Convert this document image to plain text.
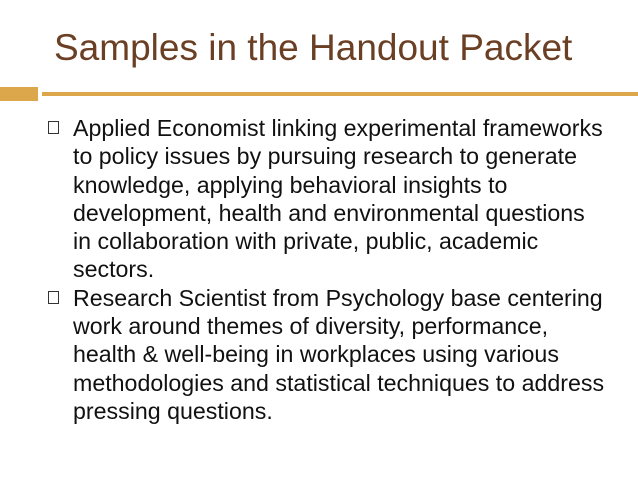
Samples in the Handout Packet
Applied Economist linking experimental frameworks to policy issues by pursuing research to generate knowledge, applying behavioral insights to development, health and environmental questions in collaboration with private, public, academic sectors.
Research Scientist from Psychology base centering work around themes of diversity, performance, health & well-being in workplaces using various methodologies and statistical techniques to address pressing questions.
